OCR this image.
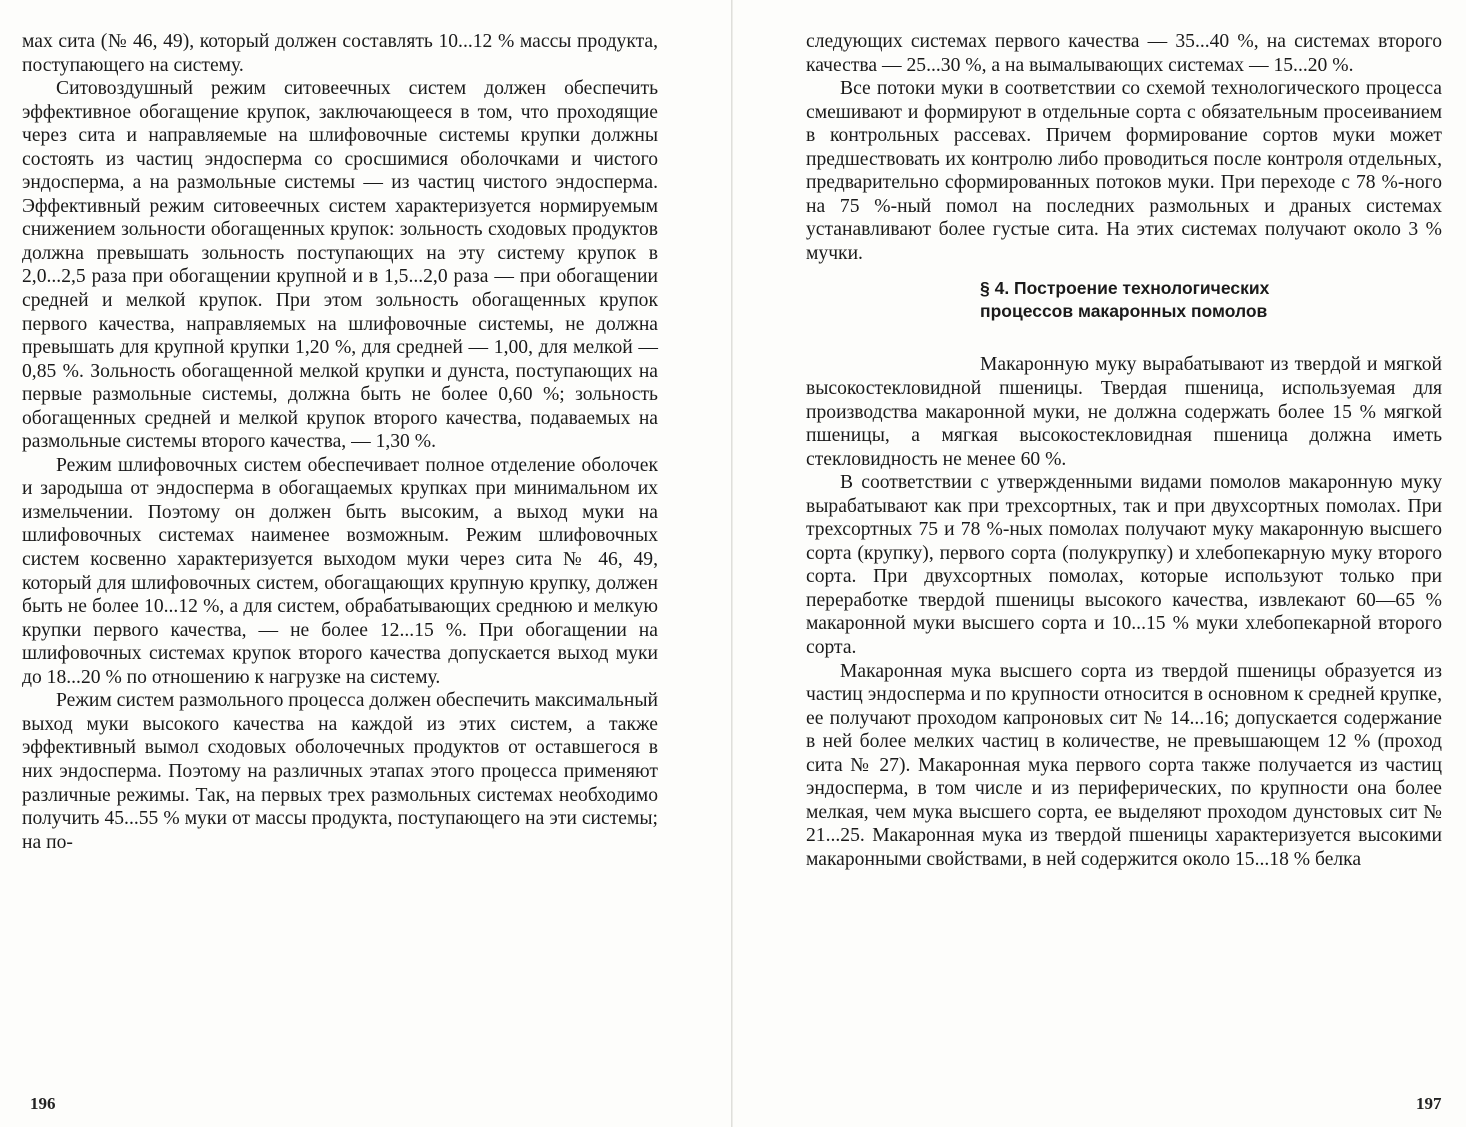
мах сита (№ 46, 49), который должен составлять 10...12 % массы продукта, поступающего на систему.

Ситовоздушный режим ситовеечных систем должен обеспечить эффективное обогащение крупок, заключающееся в том, что проходящие через сита и направляемые на шлифовочные системы крупки должны состоять из частиц эндосперма со сросшимися оболочками и чистого эндосперма, а на размольные системы — из частиц чистого эндосперма. Эффективный режим ситовеечных систем характеризуется нормируемым снижением зольности обогащенных крупок: зольность сходовых продуктов должна превышать зольность поступающих на эту систему крупок в 2,0...2,5 раза при обогащении крупной и в 1,5...2,0 раза — при обогащении средней и мелкой крупок. При этом зольность обогащенных крупок первого качества, направляемых на шлифовочные системы, не должна превышать для крупной крупки 1,20 %, для средней — 1,00, для мелкой — 0,85 %. Зольность обогащенной мелкой крупки и дунста, поступающих на первые размольные системы, должна быть не более 0,60 %; зольность обогащенных средней и мелкой крупок второго качества, подаваемых на размольные системы второго качества, — 1,30 %.

Режим шлифовочных систем обеспечивает полное отделение оболочек и зародыша от эндосперма в обогащаемых крупках при минимальном их измельчении. Поэтому он должен быть высоким, а выход муки на шлифовочных системах наименее возможным. Режим шлифовочных систем косвенно характеризуется выходом муки через сита № 46, 49, который для шлифовочных систем, обогащающих крупную крупку, должен быть не более 10...12 %, а для систем, обрабатывающих среднюю и мелкую крупки первого качества, — не более 12...15 %. При обогащении на шлифовочных системах крупок второго качества допускается выход муки до 18...20 % по отношению к нагрузке на систему.

Режим систем размольного процесса должен обеспечить максимальный выход муки высокого качества на каждой из этих систем, а также эффективный вымол сходовых оболочечных продуктов от оставшегося в них эндосперма. Поэтому на различных этапах этого процесса применяют различные режимы. Так, на первых трех размольных системах необходимо получить 45...55 % муки от массы продукта, поступающего на эти системы; на по-

следующих системах первого качества — 35...40 %, на системах второго качества — 25...30 %, а на вымалывающих системах — 15...20 %.

Все потоки муки в соответствии со схемой технологического процесса смешивают и формируют в отдельные сорта с обязательным просеиванием в контрольных рассевах. Причем формирование сортов муки может предшествовать их контролю либо проводиться после контроля отдельных, предварительно сформированных потоков муки. При переходе с 78 %-ного на 75 %-ный помол на последних размольных и драных системах устанавливают более густые сита. На этих системах получают около 3 % мучки.

§ 4. Построение технологических
процессов макаронных помолов

Макаронную муку вырабатывают из твердой и мягкой высокостекловидной пшеницы. Твердая пшеница, используемая для производства макаронной муки, не должна содержать более 15 % мягкой пшеницы, а мягкая высокостекловидная пшеница должна иметь стекловидность не менее 60 %.

В соответствии с утвержденными видами помолов макаронную муку вырабатывают как при трехсортных, так и при двухсортных помолах. При трехсортных 75 и 78 %-ных помолах получают муку макаронную высшего сорта (крупку), первого сорта (полукрупку) и хлебопекарную муку второго сорта. При двухсортных помолах, которые используют только при переработке твердой пшеницы высокого качества, извлекают 60—65 % макаронной муки высшего сорта и 10...15 % муки хлебопекарной второго сорта.

Макаронная мука высшего сорта из твердой пшеницы образуется из частиц эндосперма и по крупности относится в основном к средней крупке, ее получают проходом капроновых сит № 14...16; допускается содержание в ней более мелких частиц в количестве, не превышающем 12 % (проход сита № 27). Макаронная мука первого сорта также получается из частиц эндосперма, в том числе и из периферических, по крупности она более мелкая, чем мука высшего сорта, ее выделяют проходом дунстовых сит № 21...25. Макаронная мука из твердой пшеницы характеризуется высокими макаронными свойствами, в ней содержится около 15...18 % белка

196	197
